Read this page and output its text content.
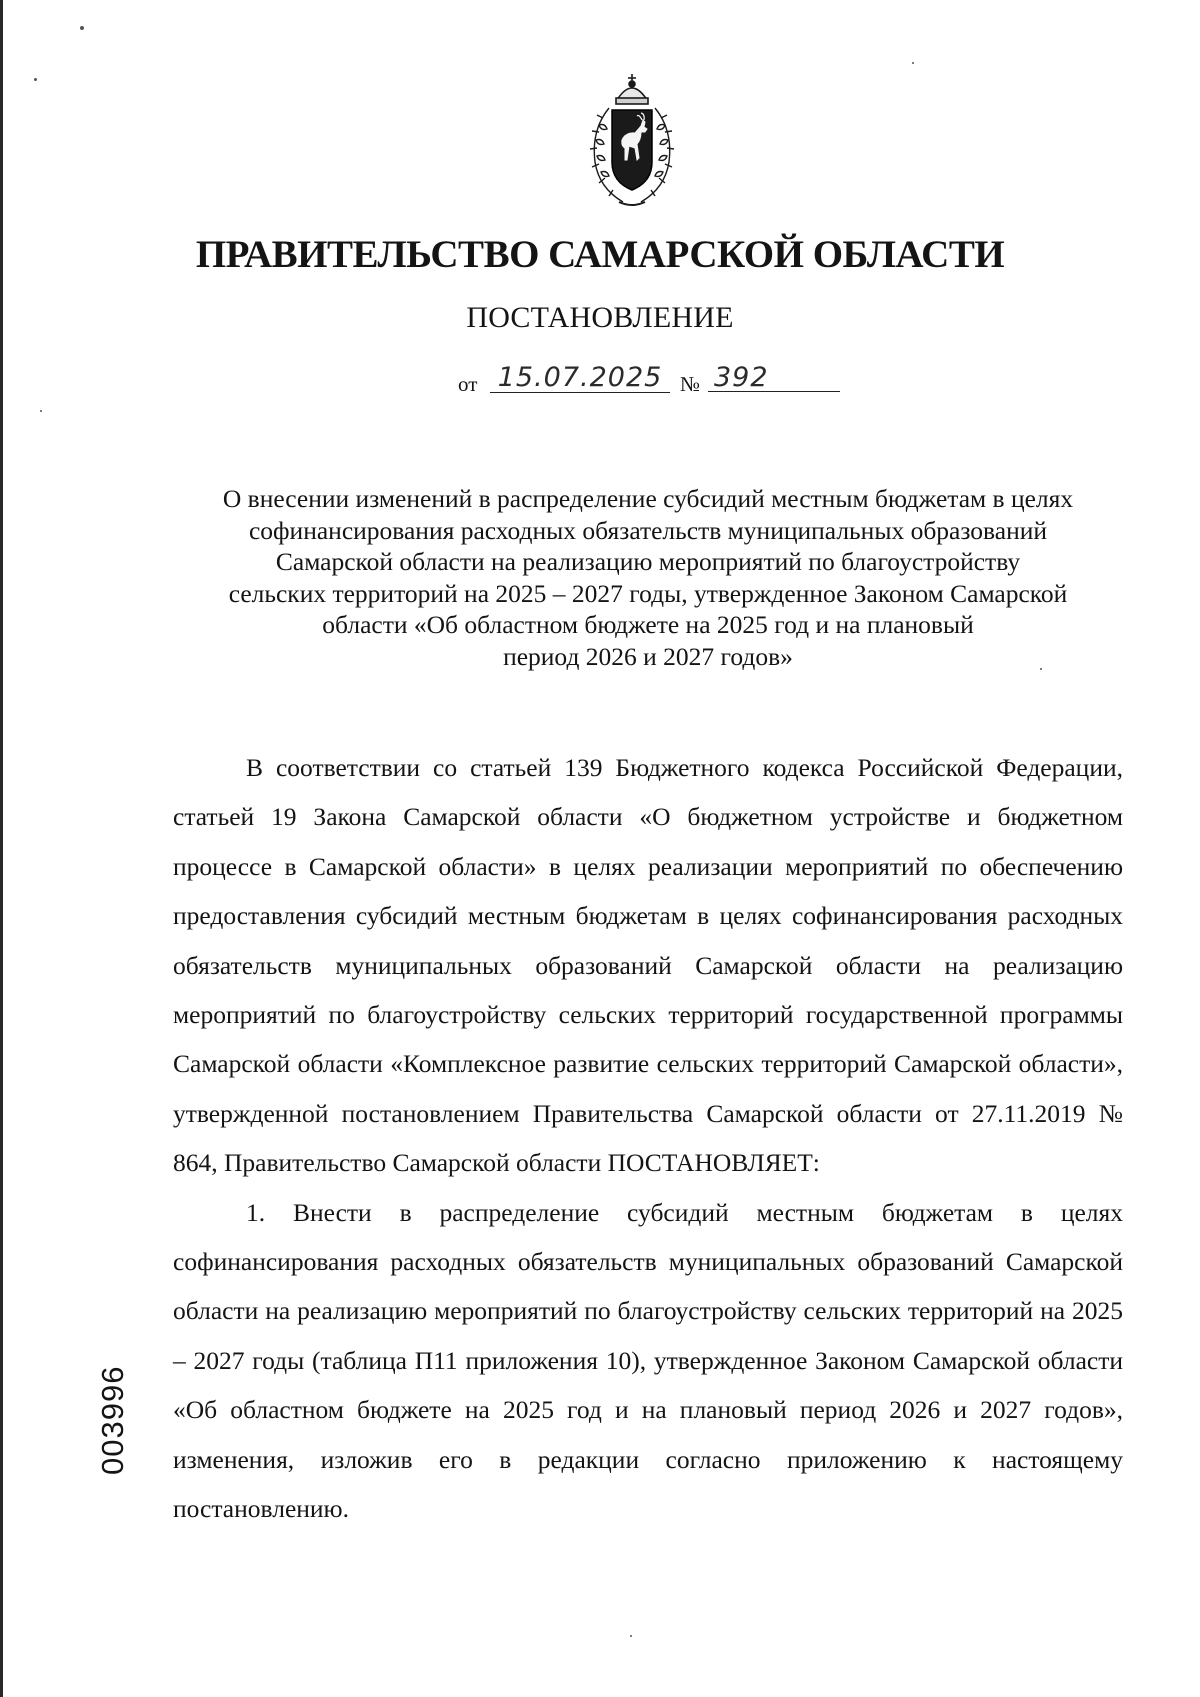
ПРАВИТЕЛЬСТВО САМАРСКОЙ ОБЛАСТИ
ПОСТАНОВЛЕНИЕ
от 15.07.2025 № 392
О внесении изменений в распределение субсидий местным бюджетам в целях
софинансирования расходных обязательств муниципальных образований
Самарской области на реализацию мероприятий по благоустройству
сельских территорий на 2025 – 2027 годы, утвержденное Законом Самарской
области «Об областном бюджете на 2025 год и на плановый
период 2026 и 2027 годов»

В соответствии со статьей 139 Бюджетного кодекса Российской Федерации, статьей 19 Закона Самарской области «О бюджетном устройстве и бюджетном процессе в Самарской области» в целях реализации мероприятий по обеспечению предоставления субсидий местным бюджетам в целях софинансирования расходных обязательств муниципальных образований Самарской области на реализацию мероприятий по благоустройству сельских территорий государственной программы Самарской области «Комплексное развитие сельских территорий Самарской области», утвержденной постановлением Правительства Самарской области от 27.11.2019 № 864, Правительство Самарской области ПОСТАНОВЛЯЕТ:

1. Внести в распределение субсидий местным бюджетам в целях софинансирования расходных обязательств муниципальных образований Самарской области на реализацию мероприятий по благоустройству сельских территорий на 2025 – 2027 годы (таблица П11 приложения 10), утвержденное Законом Самарской области «Об областном бюджете на 2025 год и на плановый период 2026 и 2027 годов», изменения, изложив его в редакции согласно приложению к настоящему постановлению.

003996
